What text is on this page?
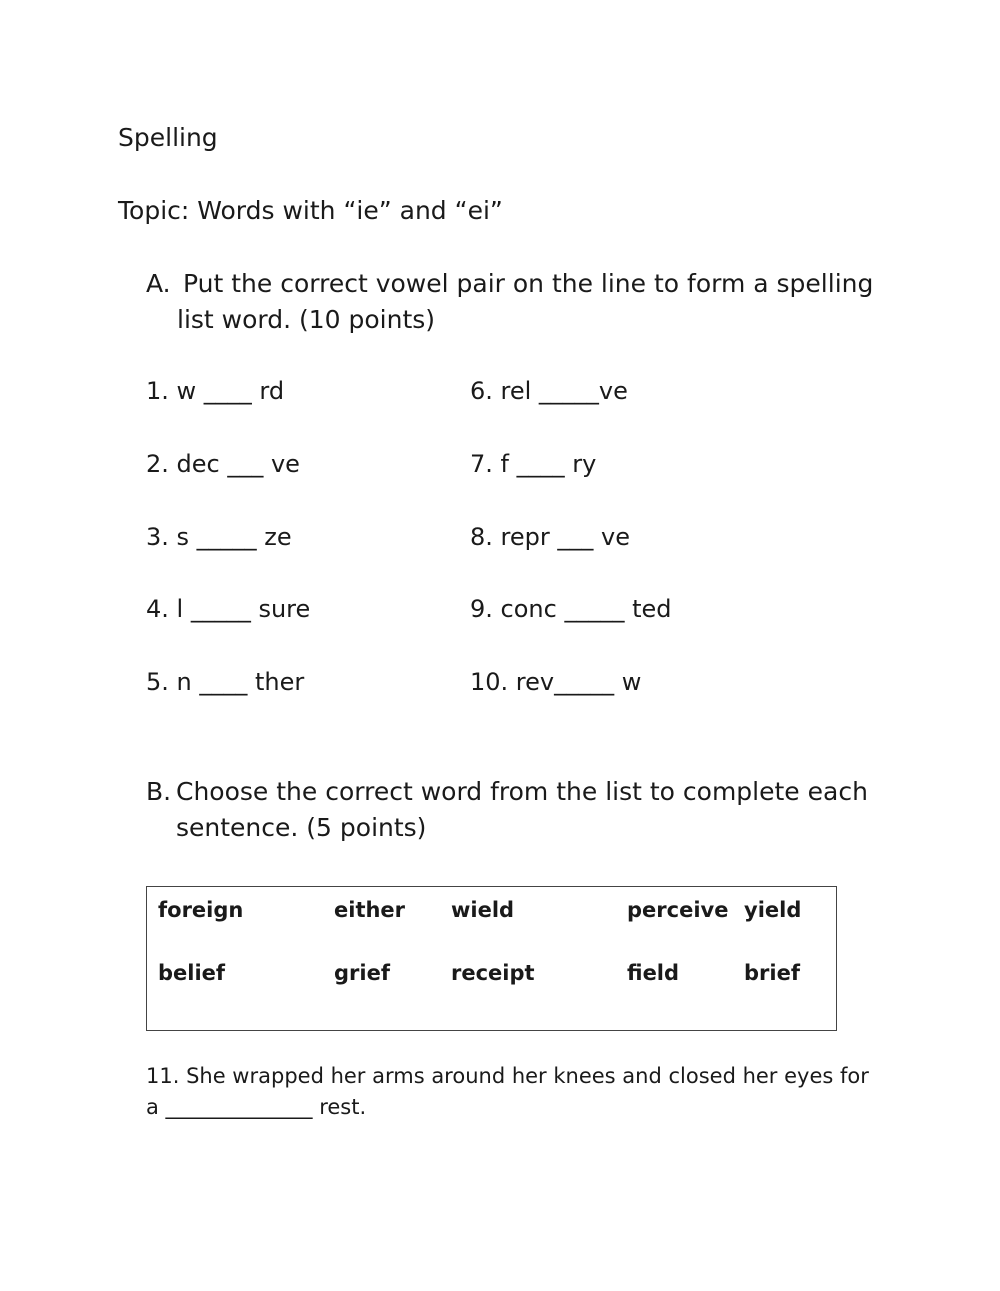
Spelling
Topic: Words with “ie” and “ei”
A. Put the correct vowel pair on the line to form a spelling
list word. (10 points)
1. w ____ rd
2. dec ___ ve
3. s _____ ze
4. l _____ sure
5. n ____ ther
6. rel _____ve
7. f ____ ry
8. repr ___ ve
9. conc _____ ted
10. rev_____ w
B. Choose the correct word from the list to complete each
sentence. (5 points)
foreign	either wield	perceive yield
belief	grief	receipt	field	brief
11. She wrapped her arms around her knees and closed her eyes for
a ______________ rest.
